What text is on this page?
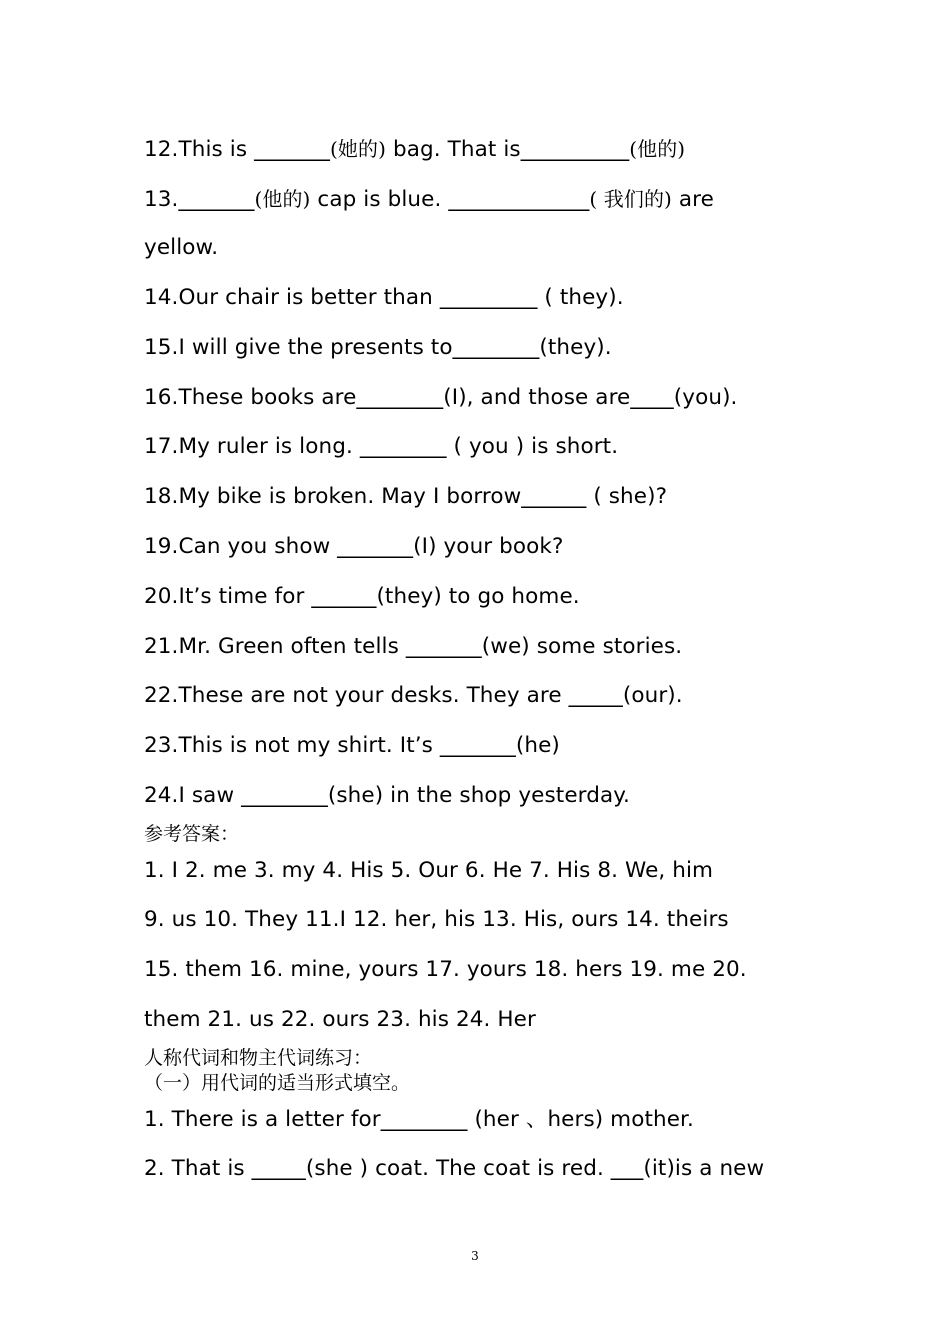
12.This is _______(她的) bag. That is__________(他的)
13._______(他的) cap is blue. _____________( 我们的) are
yellow.
14.Our chair is better than _________ ( they).
15.I will give the presents to________(they).
16.These books are________(I), and those are____(you).
17.My ruler is long. ________ ( you ) is short.
18.My bike is broken. May I borrow______ ( she)?
19.Can you show _______(I) your book?
20.It’s time for ______(they) to go home.
21.Mr. Green often tells _______(we) some stories.
22.These are not your desks. They are _____(our).
23.This is not my shirt. It’s _______(he)
24.I saw ________(she) in the shop yesterday.
参考答案：
1. I 2. me 3. my 4. His 5. Our 6. He 7. His 8. We, him
9. us 10. They 11.I 12. her, his 13. His, ours 14. theirs
15. them 16. mine, yours 17. yours 18. hers 19. me 20.
them 21. us 22. ours 23. his 24. Her
人称代词和物主代词练习：
（一）用代词的适当形式填空。
1. There is a letter for________ (her 、hers) mother.
2. That is _____(she ) coat. The coat is red. ___(it)is a new
3
